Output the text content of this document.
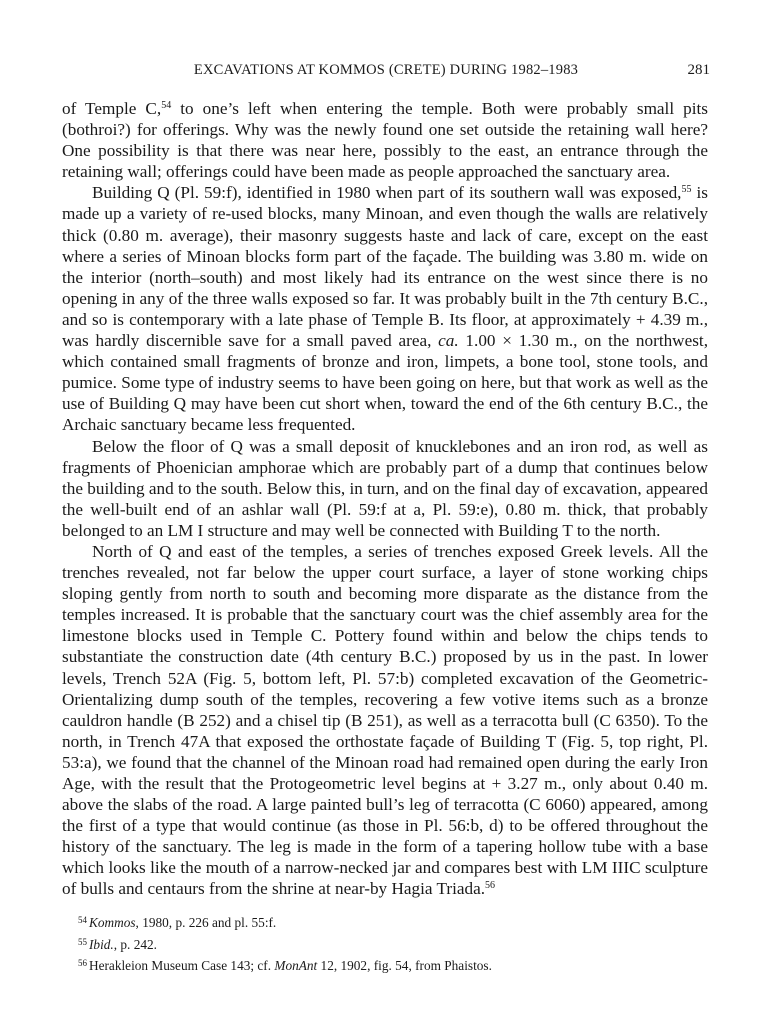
EXCAVATIONS AT KOMMOS (CRETE) DURING 1982–1983	281

of Temple C,$^{54}$ to one’s left when entering the temple. Both were probably small pits (bothroi?) for offerings. Why was the newly found one set outside the retaining wall here? One possibility is that there was near here, possibly to the east, an entrance through the retaining wall; offerings could have been made as people approached the sanctuary area.

Building Q (Pl. 59:f), identified in 1980 when part of its southern wall was exposed,$^{55}$ is made up a variety of re-used blocks, many Minoan, and even though the walls are relatively thick (0.80 m. average), their masonry suggests haste and lack of care, except on the east where a series of Minoan blocks form part of the façade. The building was 3.80 m. wide on the interior (north–south) and most likely had its entrance on the west since there is no opening in any of the three walls exposed so far. It was probably built in the 7th century B.C., and so is contemporary with a late phase of Temple B. Its floor, at approximately + 4.39 m., was hardly discernible save for a small paved area, ca. 1.00 × 1.30 m., on the northwest, which contained small fragments of bronze and iron, limpets, a bone tool, stone tools, and pumice. Some type of industry seems to have been going on here, but that work as well as the use of Building Q may have been cut short when, toward the end of the 6th century B.C., the Archaic sanctuary became less frequented.

Below the floor of Q was a small deposit of knucklebones and an iron rod, as well as fragments of Phoenician amphorae which are probably part of a dump that continues below the building and to the south. Below this, in turn, and on the final day of excavation, appeared the well-built end of an ashlar wall (Pl. 59:f at a, Pl. 59:e), 0.80 m. thick, that probably belonged to an LM I structure and may well be connected with Building T to the north.

North of Q and east of the temples, a series of trenches exposed Greek levels. All the trenches revealed, not far below the upper court surface, a layer of stone working chips sloping gently from north to south and becoming more disparate as the distance from the temples increased. It is probable that the sanctuary court was the chief assembly area for the limestone blocks used in Temple C. Pottery found within and below the chips tends to substantiate the construction date (4th century B.C.) proposed by us in the past. In lower levels, Trench 52A (Fig. 5, bottom left, Pl. 57:b) completed excavation of the Geometric-Orientalizing dump south of the temples, recovering a few votive items such as a bronze cauldron handle (B 252) and a chisel tip (B 251), as well as a terracotta bull (C 6350). To the north, in Trench 47A that exposed the orthostate façade of Building T (Fig. 5, top right, Pl. 53:a), we found that the channel of the Minoan road had remained open during the early Iron Age, with the result that the Protogeometric level begins at + 3.27 m., only about 0.40 m. above the slabs of the road. A large painted bull’s leg of terracotta (C 6060) appeared, among the first of a type that would continue (as those in Pl. 56:b, d) to be offered throughout the history of the sanctuary. The leg is made in the form of a tapering hollow tube with a base which looks like the mouth of a narrow-necked jar and compares best with LM IIIC sculpture of bulls and centaurs from the shrine at near-by Hagia Triada.$^{56}$

$^{54}$ Kommos, 1980, p. 226 and pl. 55:f.
$^{55}$ Ibid., p. 242.
$^{56}$ Herakleion Museum Case 143; cf. MonAnt 12, 1902, fig. 54, from Phaistos.
